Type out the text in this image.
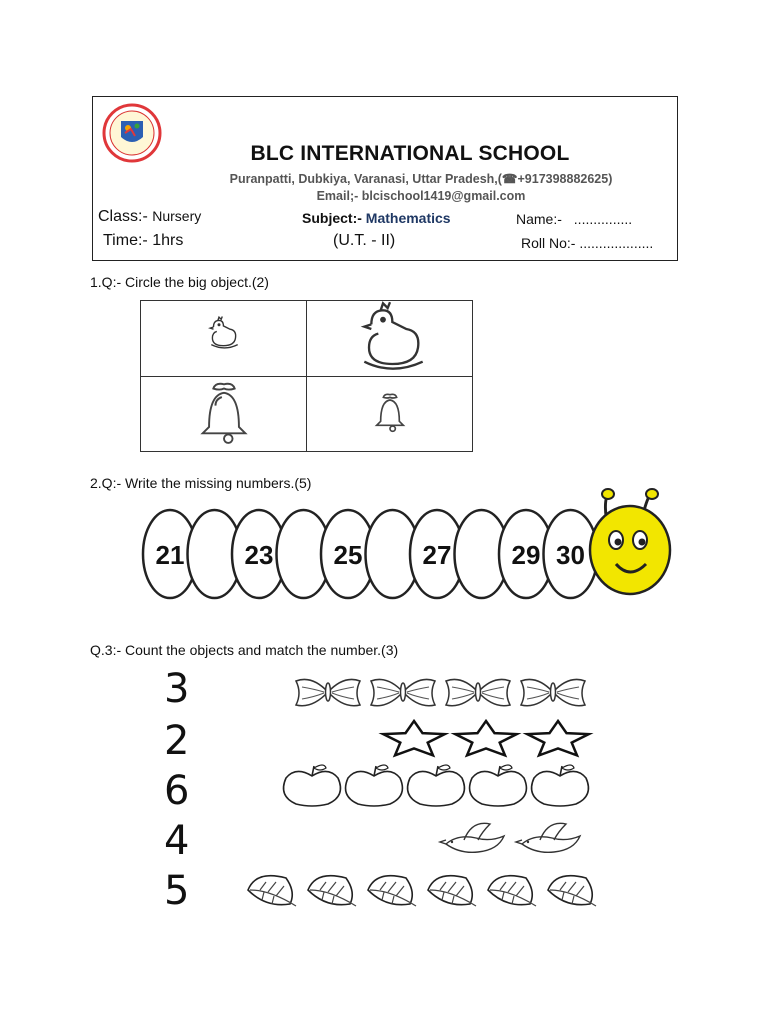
BLC INTERNATIONAL SCHOOL
Puranpatti, Dubkiya, Varanasi, Uttar Pradesh,(☎+917398882625)
Email;- blcischool1419@gmail.com
Class:- Nursery	Subject:- Mathematics	Name:- ...............
Time:- 1hrs	(U.T. - II)	Roll No:- ...................
1.Q:- Circle the big object.(2)

2.Q:- Write the missing numbers.(5)
21 23 25 27 29 30
Q.3:- Count the objects and match the number.(3)
3
2
6
4
5
